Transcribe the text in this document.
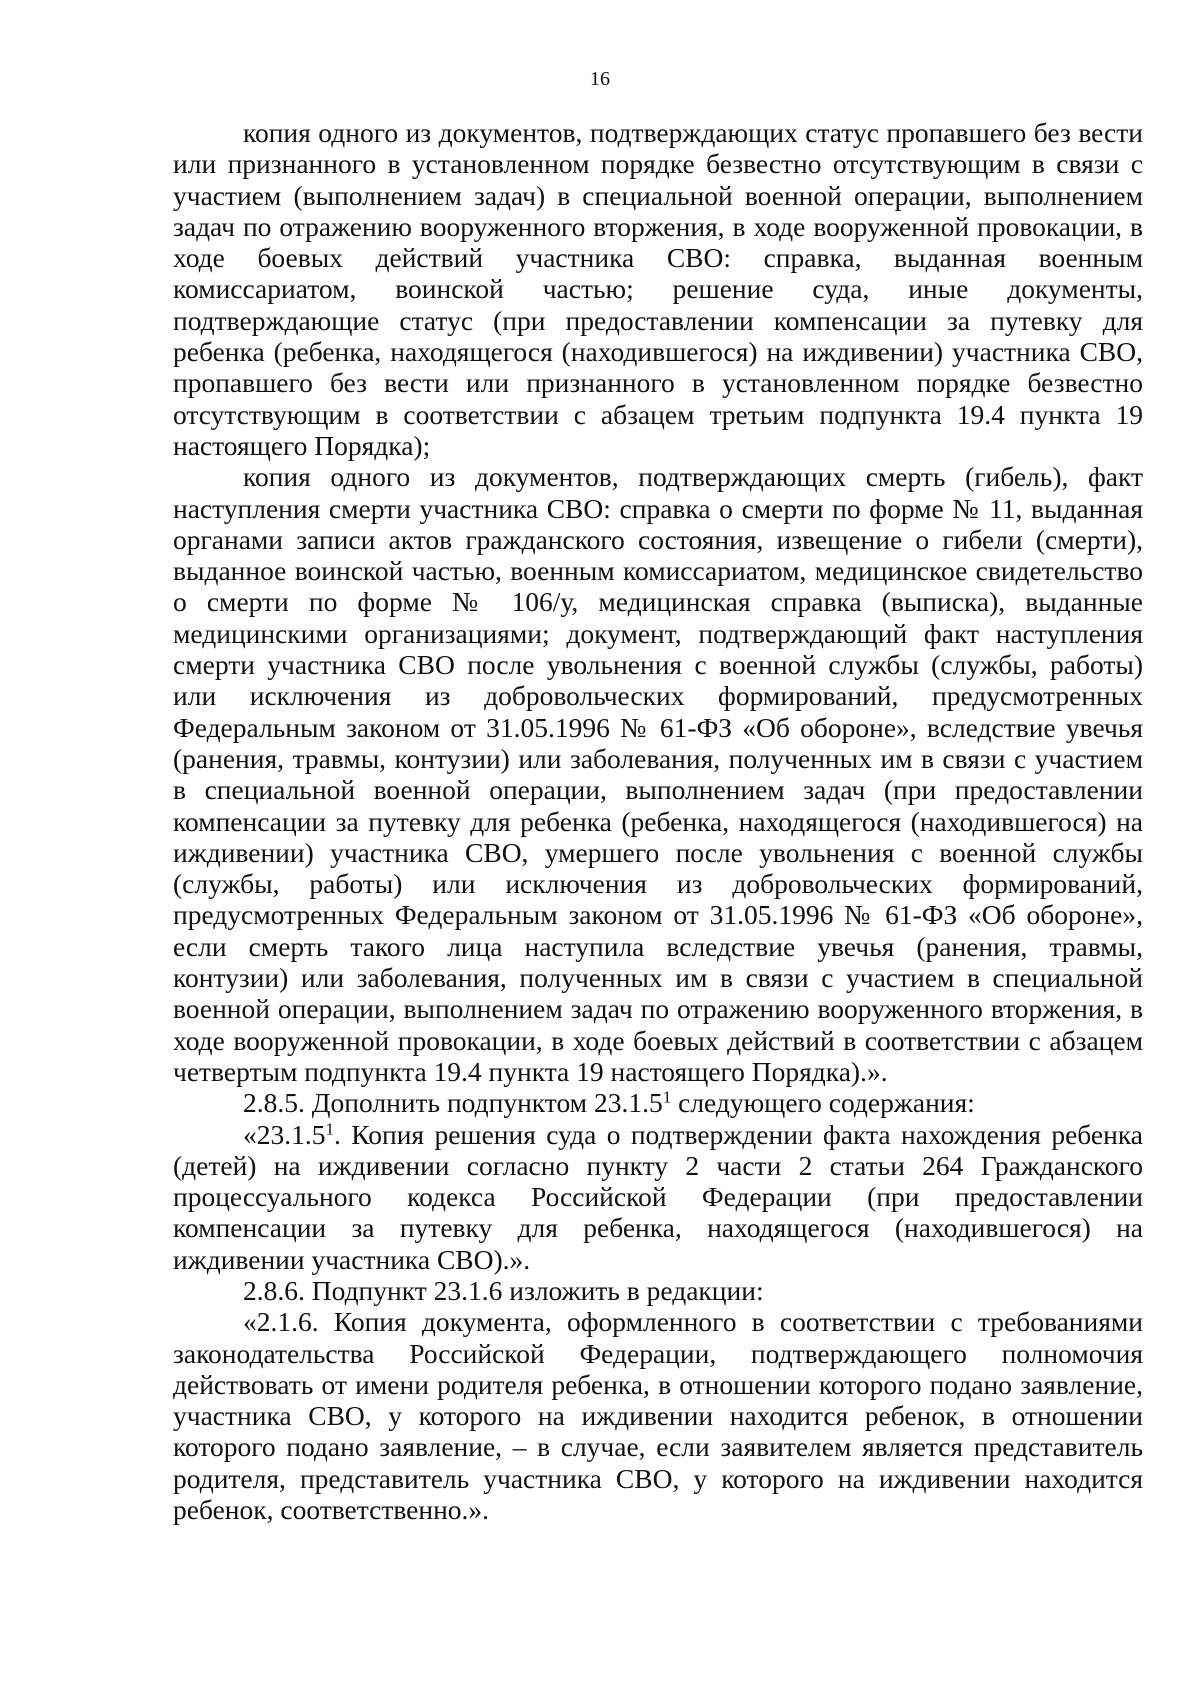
16

копия одного из документов, подтверждающих статус пропавшего без вести или признанного в установленном порядке безвестно отсутствующим в связи с участием (выполнением задач) в специальной военной операции, выполнением задач по отражению вооруженного вторжения, в ходе вооруженной провокации, в ходе боевых действий участника СВО: справка, выданная военным комиссариатом, воинской частью; решение суда, иные документы, подтверждающие статус (при предоставлении компенсации за путевку для ребенка (ребенка, находящегося (находившегося) на иждивении) участника СВО, пропавшего без вести или признанного в установленном порядке безвестно отсутствующим в соответствии с абзацем третьим подпункта 19.4 пункта 19 настоящего Порядка);

копия одного из документов, подтверждающих смерть (гибель), факт наступления смерти участника СВО: справка о смерти по форме № 11, выданная органами записи актов гражданского состояния, извещение о гибели (смерти), выданное воинской частью, военным комиссариатом, медицинское свидетельство о смерти по форме № 106/у, медицинская справка (выписка), выданные медицинскими организациями; документ, подтверждающий факт наступления смерти участника СВО после увольнения с военной службы (службы, работы) или исключения из добровольческих формирований, предусмотренных Федеральным законом от 31.05.1996 № 61-ФЗ «Об обороне», вследствие увечья (ранения, травмы, контузии) или заболевания, полученных им в связи с участием в специальной военной операции, выполнением задач (при предоставлении компенсации за путевку для ребенка (ребенка, находящегося (находившегося) на иждивении) участника СВО, умершего после увольнения с военной службы (службы, работы) или исключения из добровольческих формирований, предусмотренных Федеральным законом от 31.05.1996 № 61-ФЗ «Об обороне», если смерть такого лица наступила вследствие увечья (ранения, травмы, контузии) или заболевания, полученных им в связи с участием в специальной военной операции, выполнением задач по отражению вооруженного вторжения, в ходе вооруженной провокации, в ходе боевых действий в соответствии с абзацем четвертым подпункта 19.4 пункта 19 настоящего Порядка).».

2.8.5. Дополнить подпунктом 23.1.5$^1$ следующего содержания:

«23.1.5$^1$. Копия решения суда о подтверждении факта нахождения ребенка (детей) на иждивении согласно пункту 2 части 2 статьи 264 Гражданского процессуального кодекса Российской Федерации (при предоставлении компенсации за путевку для ребенка, находящегося (находившегося) на иждивении участника СВО).».

2.8.6. Подпункт 23.1.6 изложить в редакции:

«2.1.6. Копия документа, оформленного в соответствии с требованиями законодательства Российской Федерации, подтверждающего полномочия действовать от имени родителя ребенка, в отношении которого подано заявление, участника СВО, у которого на иждивении находится ребенок, в отношении которого подано заявление, – в случае, если заявителем является представитель родителя, представитель участника СВО, у которого на иждивении находится ребенок, соответственно.».
